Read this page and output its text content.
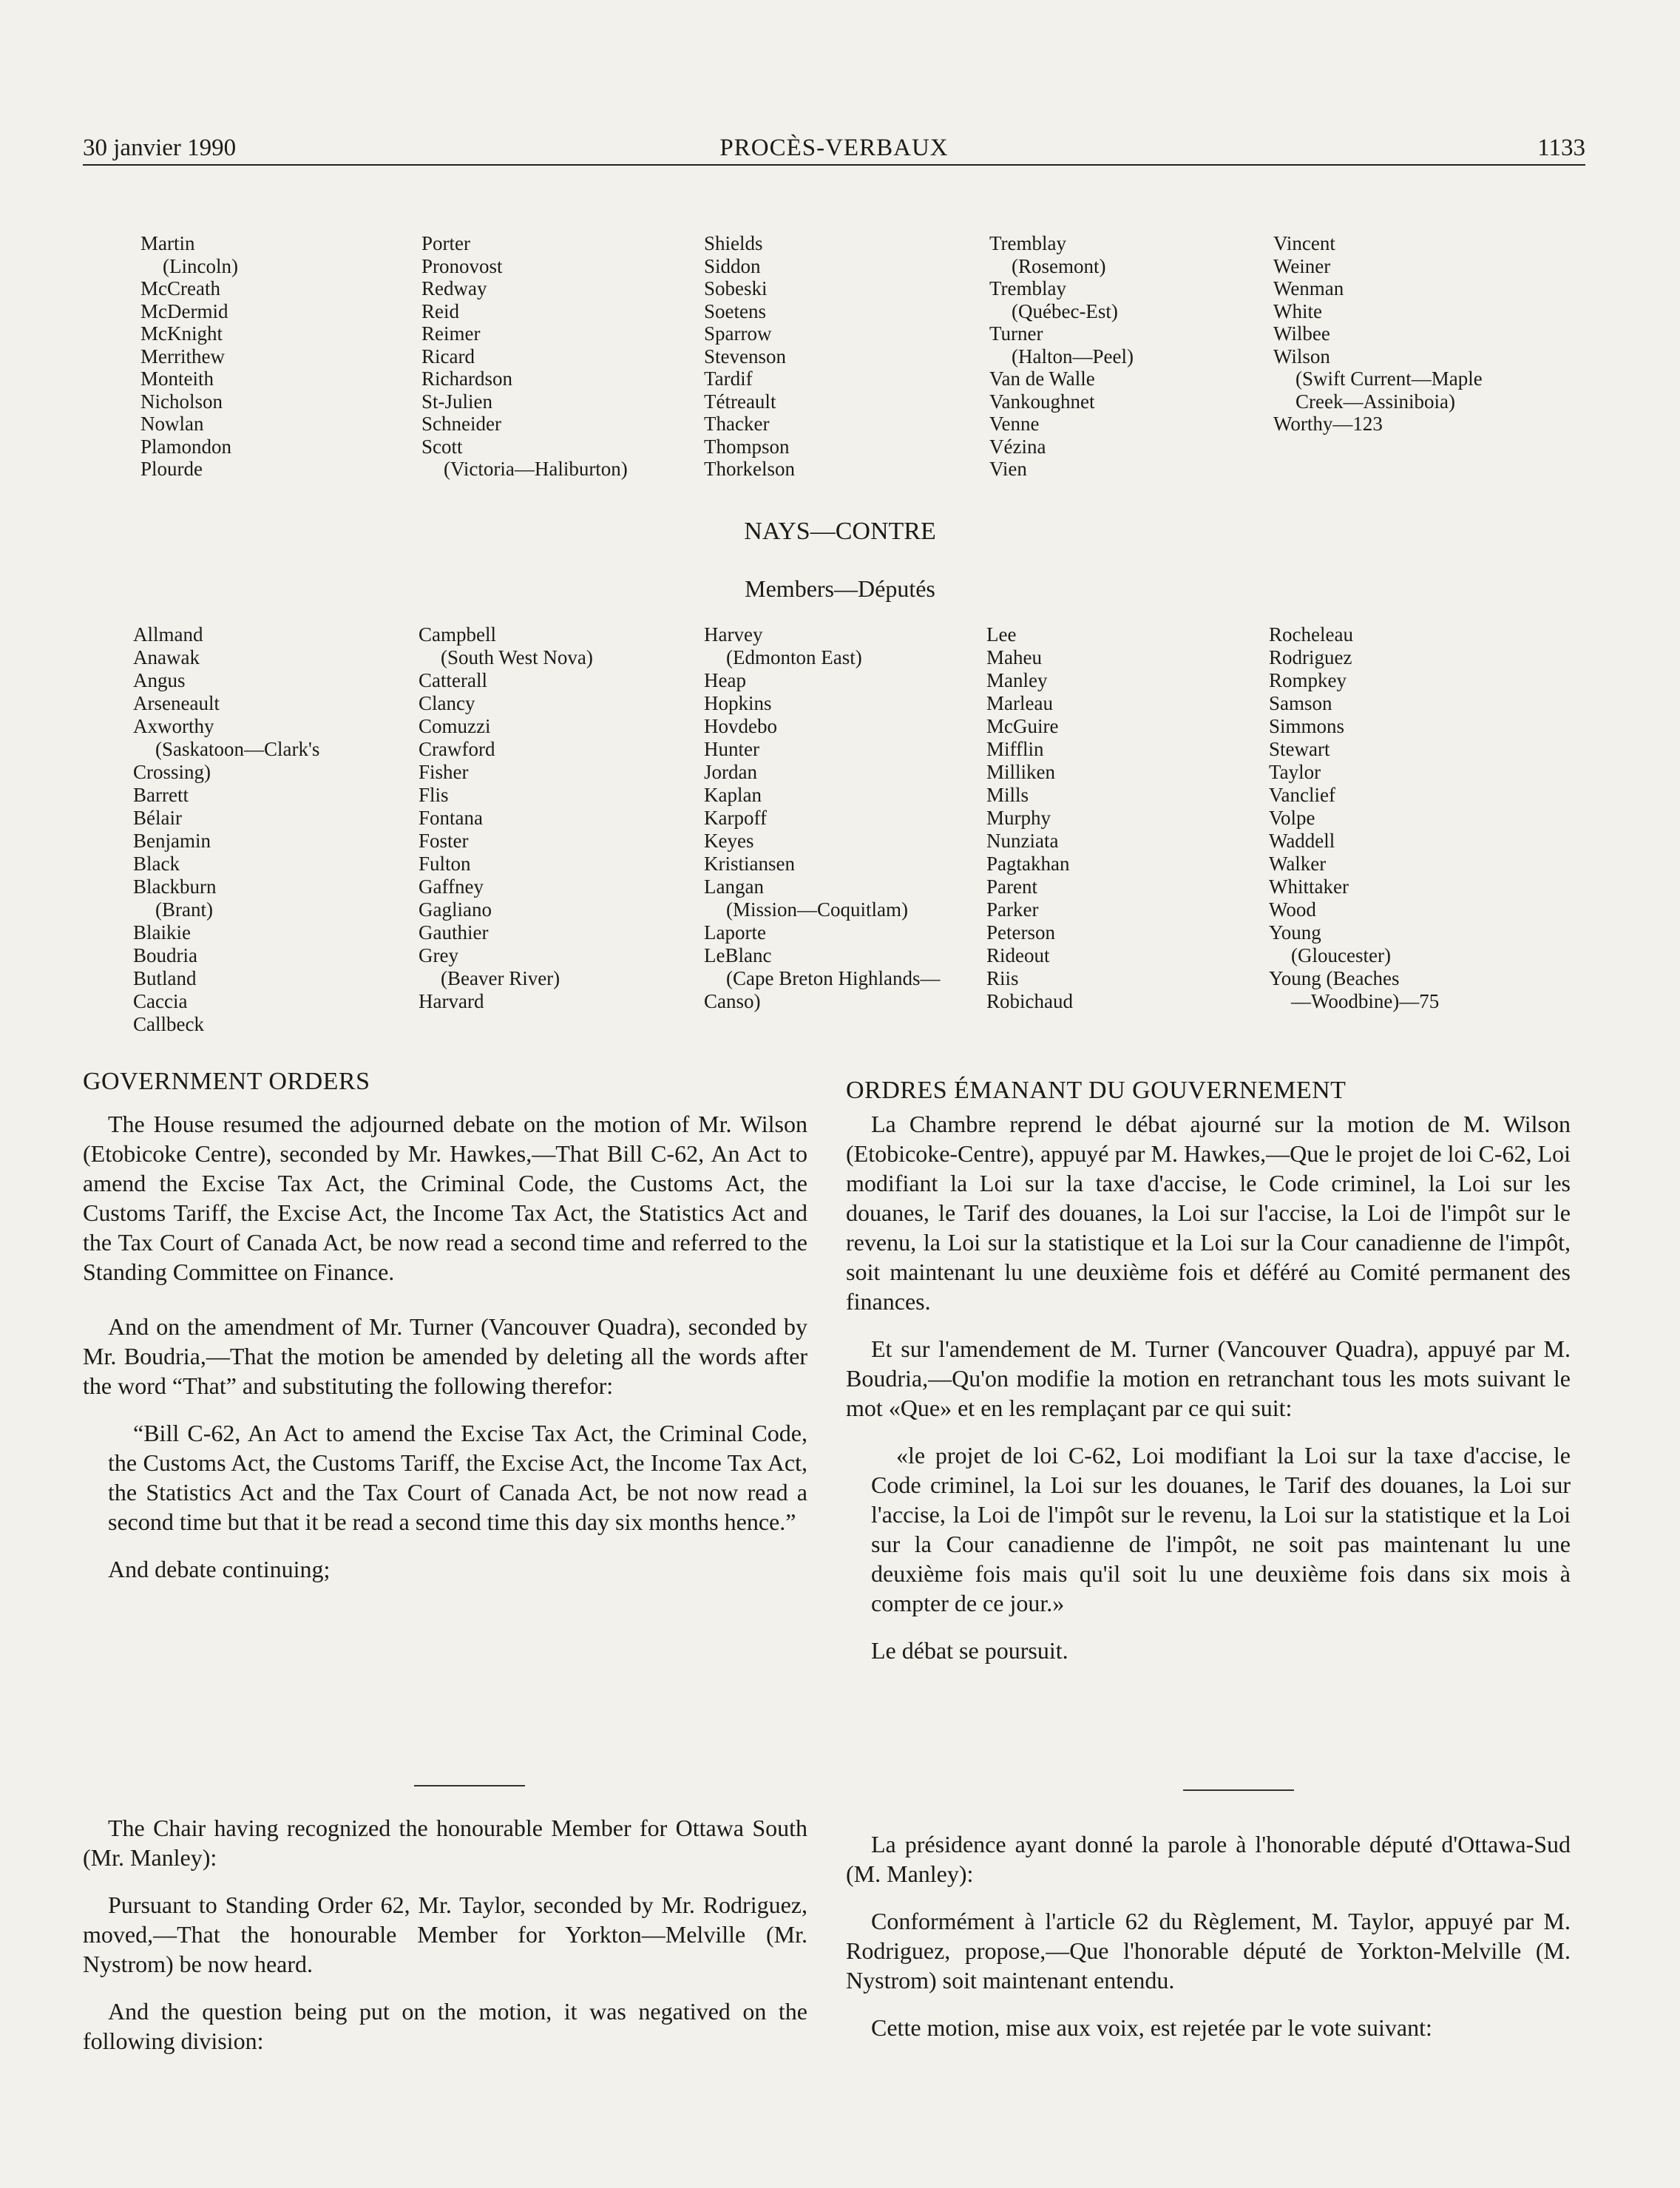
30 janvier 1990	PROCÈS-VERBAUX	1133
Martin
(Lincoln)
McCreath
McDermid
McKnight
Merrithew
Monteith
Nicholson
Nowlan
Plamondon
Plourde
Porter
Pronovost
Redway
Reid
Reimer
Ricard
Richardson
St-Julien
Schneider
Scott
(Victoria—Haliburton)
Shields
Siddon
Sobeski
Soetens
Sparrow
Stevenson
Tardif
Tétreault
Thacker
Thompson
Thorkelson
Tremblay
(Rosemont)
Tremblay
(Québec-Est)
Turner
(Halton—Peel)
Van de Walle
Vankoughnet
Venne
Vézina
Vien
Vincent
Weiner
Wenman
White
Wilbee
Wilson
(Swift Current—Maple
Creek—Assiniboia)
Worthy—123
NAYS—CONTRE
Members—Députés
Allmand
Anawak
Angus
Arseneault
Axworthy
(Saskatoon—Clark's
Crossing)
Barrett
Bélair
Benjamin
Black
Blackburn
(Brant)
Blaikie
Boudria
Butland
Caccia
Callbeck
Campbell
(South West Nova)
Catterall
Clancy
Comuzzi
Crawford
Fisher
Flis
Fontana
Foster
Fulton
Gaffney
Gagliano
Gauthier
Grey
(Beaver River)
Harvard
Harvey
(Edmonton East)
Heap
Hopkins
Hovdebo
Hunter
Jordan
Kaplan
Karpoff
Keyes
Kristiansen
Langan
(Mission—Coquitlam)
Laporte
LeBlanc
(Cape Breton Highlands—
Canso)
Lee
Maheu
Manley
Marleau
McGuire
Mifflin
Milliken
Mills
Murphy
Nunziata
Pagtakhan
Parent
Parker
Peterson
Rideout
Riis
Robichaud
Rocheleau
Rodriguez
Rompkey
Samson
Simmons
Stewart
Taylor
Vanclief
Volpe
Waddell
Walker
Whittaker
Wood
Young
(Gloucester)
Young (Beaches
—Woodbine)—75
GOVERNMENT ORDERS

The House resumed the adjourned debate on the motion of Mr. Wilson (Etobicoke Centre), seconded by Mr. Hawkes,—That Bill C-62, An Act to amend the Excise Tax Act, the Criminal Code, the Customs Act, the Customs Tariff, the Excise Act, the Income Tax Act, the Statistics Act and the Tax Court of Canada Act, be now read a second time and referred to the Standing Committee on Finance.

And on the amendment of Mr. Turner (Vancouver Quadra), seconded by Mr. Boudria,—That the motion be amended by deleting all the words after the word “That” and substituting the following therefor:

“Bill C-62, An Act to amend the Excise Tax Act, the Criminal Code, the Customs Act, the Customs Tariff, the Excise Act, the Income Tax Act, the Statistics Act and the Tax Court of Canada Act, be not now read a second time but that it be read a second time this day six months hence.”

And debate continuing;

The Chair having recognized the honourable Member for Ottawa South (Mr. Manley):

Pursuant to Standing Order 62, Mr. Taylor, seconded by Mr. Rodriguez, moved,—That the honourable Member for Yorkton—Melville (Mr. Nystrom) be now heard.

And the question being put on the motion, it was negatived on the following division:

ORDRES ÉMANANT DU GOUVERNEMENT

La Chambre reprend le débat ajourné sur la motion de M. Wilson (Etobicoke-Centre), appuyé par M. Hawkes,—Que le projet de loi C-62, Loi modifiant la Loi sur la taxe d'accise, le Code criminel, la Loi sur les douanes, le Tarif des douanes, la Loi sur l'accise, la Loi de l'impôt sur le revenu, la Loi sur la statistique et la Loi sur la Cour canadienne de l'impôt, soit maintenant lu une deuxième fois et déféré au Comité permanent des finances.

Et sur l'amendement de M. Turner (Vancouver Quadra), appuyé par M. Boudria,—Qu'on modifie la motion en retranchant tous les mots suivant le mot «Que» et en les remplaçant par ce qui suit:

«le projet de loi C-62, Loi modifiant la Loi sur la taxe d'accise, le Code criminel, la Loi sur les douanes, le Tarif des douanes, la Loi sur l'accise, la Loi de l'impôt sur le revenu, la Loi sur la statistique et la Loi sur la Cour canadienne de l'impôt, ne soit pas maintenant lu une deuxième fois mais qu'il soit lu une deuxième fois dans six mois à compter de ce jour.»

Le débat se poursuit.

La présidence ayant donné la parole à l'honorable député d'Ottawa-Sud (M. Manley):

Conformément à l'article 62 du Règlement, M. Taylor, appuyé par M. Rodriguez, propose,—Que l'honorable député de Yorkton-Melville (M. Nystrom) soit maintenant entendu.

Cette motion, mise aux voix, est rejetée par le vote suivant:
